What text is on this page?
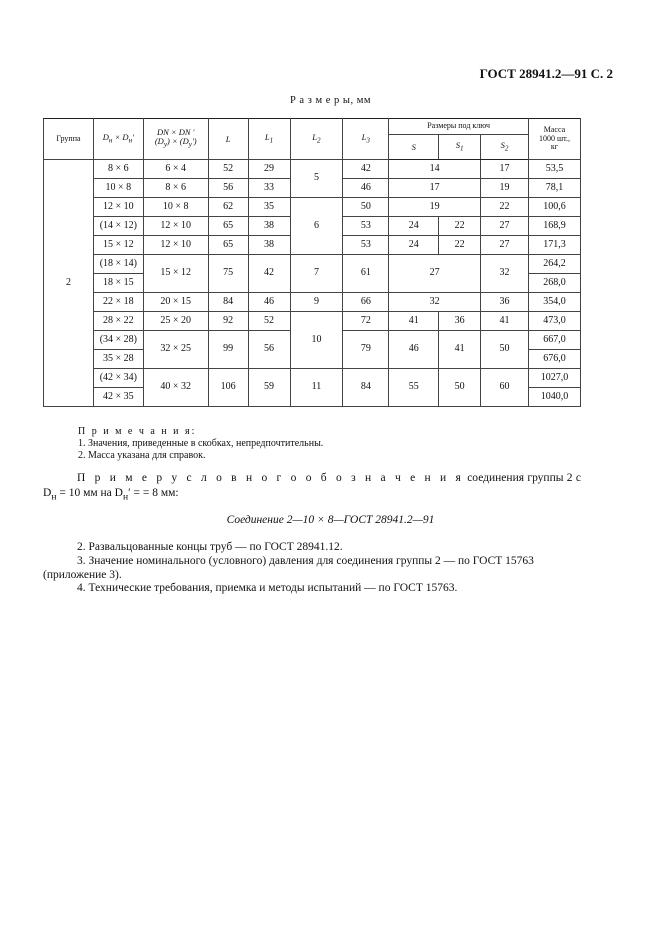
ГОСТ 28941.2—91 С. 2
Р а з м е р ы, мм
Группа	$D_н \times D_н'$	DN × DN ′
$(D_у) \times (D_у')$	L	$L_1$	$L_2$	$L_3$	Размеры под ключ			Масса
1000 шт.,
кг
							S	$S_1$	$S_2$
2	8 × 6	6 × 4	52	29	5	42	14		17	53,5
	10 × 8	8 × 6	56	33		46	17		19	78,1
	12 × 10	10 × 8	62	35	6	50	19		22	100,6
	(14 × 12)	12 × 10	65	38		53	24	22	27	168,9
	15 × 12	12 × 10	65	38		53	24	22	27	171,3
	(18 × 14)	15 × 12	75	42	7	61	27		32	264,2
	18 × 15									268,0
	22 × 18	20 × 15	84	46	9	66	32		36	354,0
	28 × 22	25 × 20	92	52	10	72	41	36	41	473,0
	(34 × 28)	32 × 25	99	56		79	46	41	50	667,0
	35 × 28									676,0
	(42 × 34)	40 × 32	106	59	11	84	55	50	60	1027,0
	42 × 35									1040,0
П р и м е ч а н и я:
1. Значения, приведенные в скобках, непредпочтительны.
2. Масса указана для справок.
П р и м е р у с л о в н о г о о б о з н а ч е н и я соединения группы 2 с $D_н = 10$ мм на $D_н'$ = = 8 мм:
Соединение 2—10 × 8—ГОСТ 28941.2—91

2. Развальцованные концы труб — по ГОСТ 28941.12.

3. Значение номинального (условного) давления для соединения группы 2 — по ГОСТ 15763 (приложение 3).

4. Технические требования, приемка и методы испытаний — по ГОСТ 15763.
